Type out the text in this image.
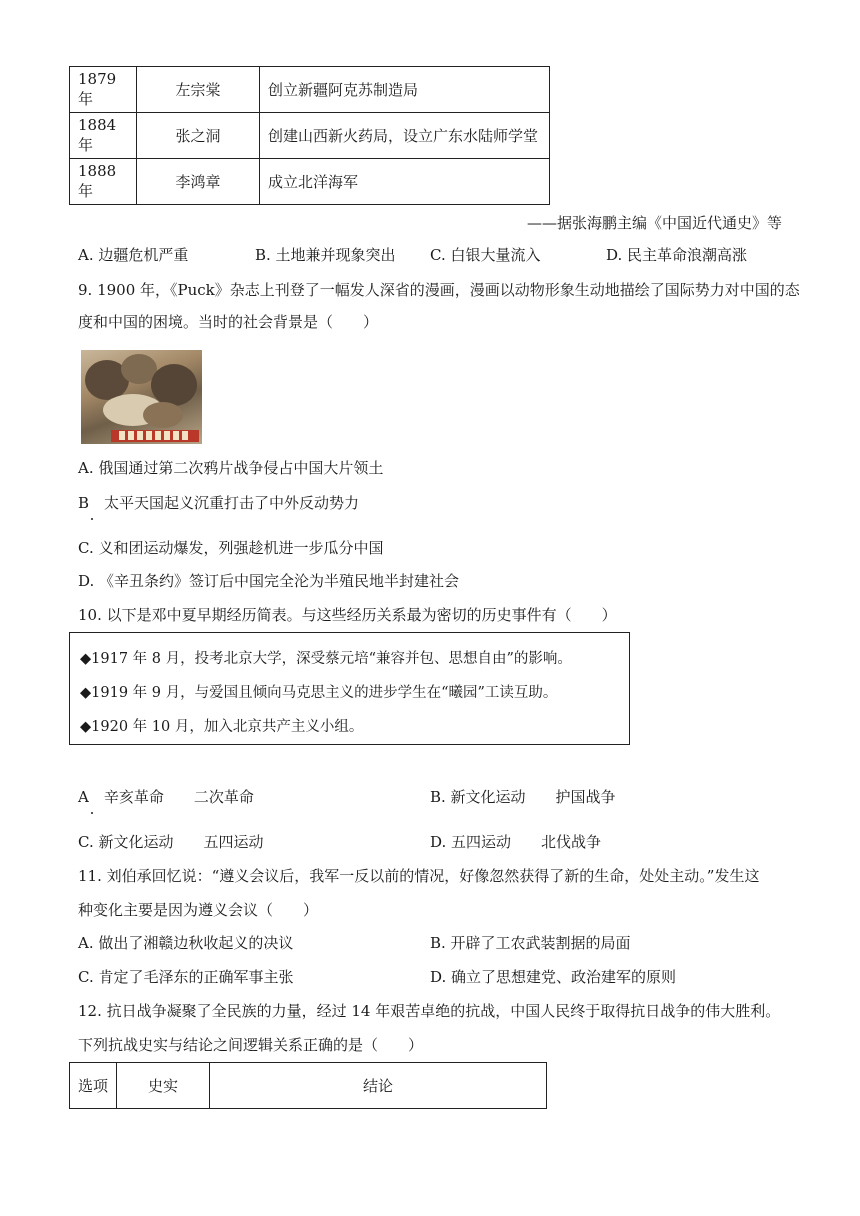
1879 年	左宗棠	创立新疆阿克苏制造局
1884 年	张之洞	创建山西新火药局，设立广东水陆师学堂
1888 年	李鸿章	成立北洋海军
——据张海鹏主编《中国近代通史》等
A. 边疆危机严重	B. 土地兼并现象突出 C. 白银大量流入	D. 民主革命浪潮高涨
9. 1900 年，《Puck》杂志上刊登了一幅发人深省的漫画，漫画以动物形象生动地描绘了国际势力对中国的态
度和中国的困境。当时的社会背景是（　　）
A. 俄国通过第二次鸦片战争侵占中国大片领土
B　太平天国起义沉重打击了中外反动势力
C. 义和团运动爆发，列强趁机进一步瓜分中国
D. 《辛丑条约》签订后中国完全沦为半殖民地半封建社会
10. 以下是邓中夏早期经历简表。与这些经历关系最为密切的历史事件有（　　）
◆1917 年 8 月，投考北京大学，深受蔡元培“兼容并包、思想自由”的影响。
◆1919 年 9 月，与爱国且倾向马克思主义的进步学生在“曦园”工读互助。
◆1920 年 10 月，加入北京共产主义小组。
A　辛亥革命　　二次革命	B. 新文化运动　　护国战争
C. 新文化运动　　五四运动	D. 五四运动　　北伐战争
11. 刘伯承回忆说：“遵义会议后，我军一反以前的情况，好像忽然获得了新的生命，处处主动。”发生这
种变化主要是因为遵义会议（　　）
A. 做出了湘赣边秋收起义的决议	B. 开辟了工农武装割据的局面
C. 肯定了毛泽东的正确军事主张	D. 确立了思想建党、政治建军的原则
12. 抗日战争凝聚了全民族的力量，经过 14 年艰苦卓绝的抗战，中国人民终于取得抗日战争的伟大胜利。
下列抗战史实与结论之间逻辑关系正确的是（　　）
选项	史实	结论
